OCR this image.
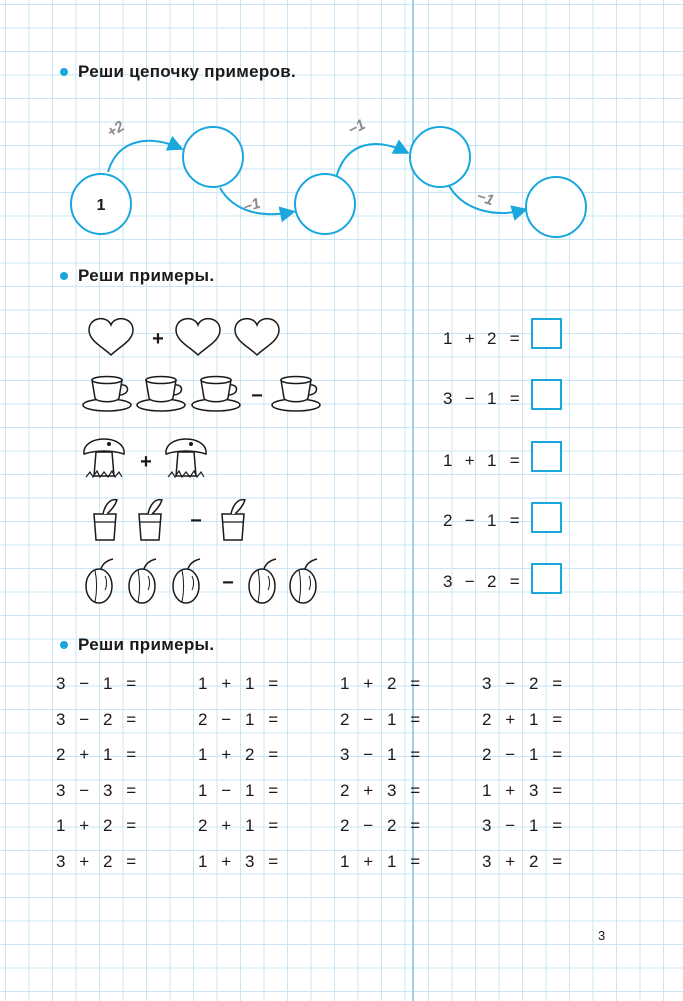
Реши цепочку примеров.
1
+2
−1
−1
−1
Реши примеры.
+
−
+
−
−
1 + 2 =
3 − 1 =
1 + 1 =
2 − 1 =
3 − 2 =
Реши примеры.
3 − 1 =
3 − 2 =
2 + 1 =
3 − 3 =
1 + 2 =
3 + 2 =
1 + 1 =
2 − 1 =
1 + 2 =
1 − 1 =
2 + 1 =
1 + 3 =
1 + 2 =
2 − 1 =
3 − 1 =
2 + 3 =
2 − 2 =
1 + 1 =
3 − 2 =
2 + 1 =
2 − 1 =
1 + 3 =
3 − 1 =
3 + 2 =
3
